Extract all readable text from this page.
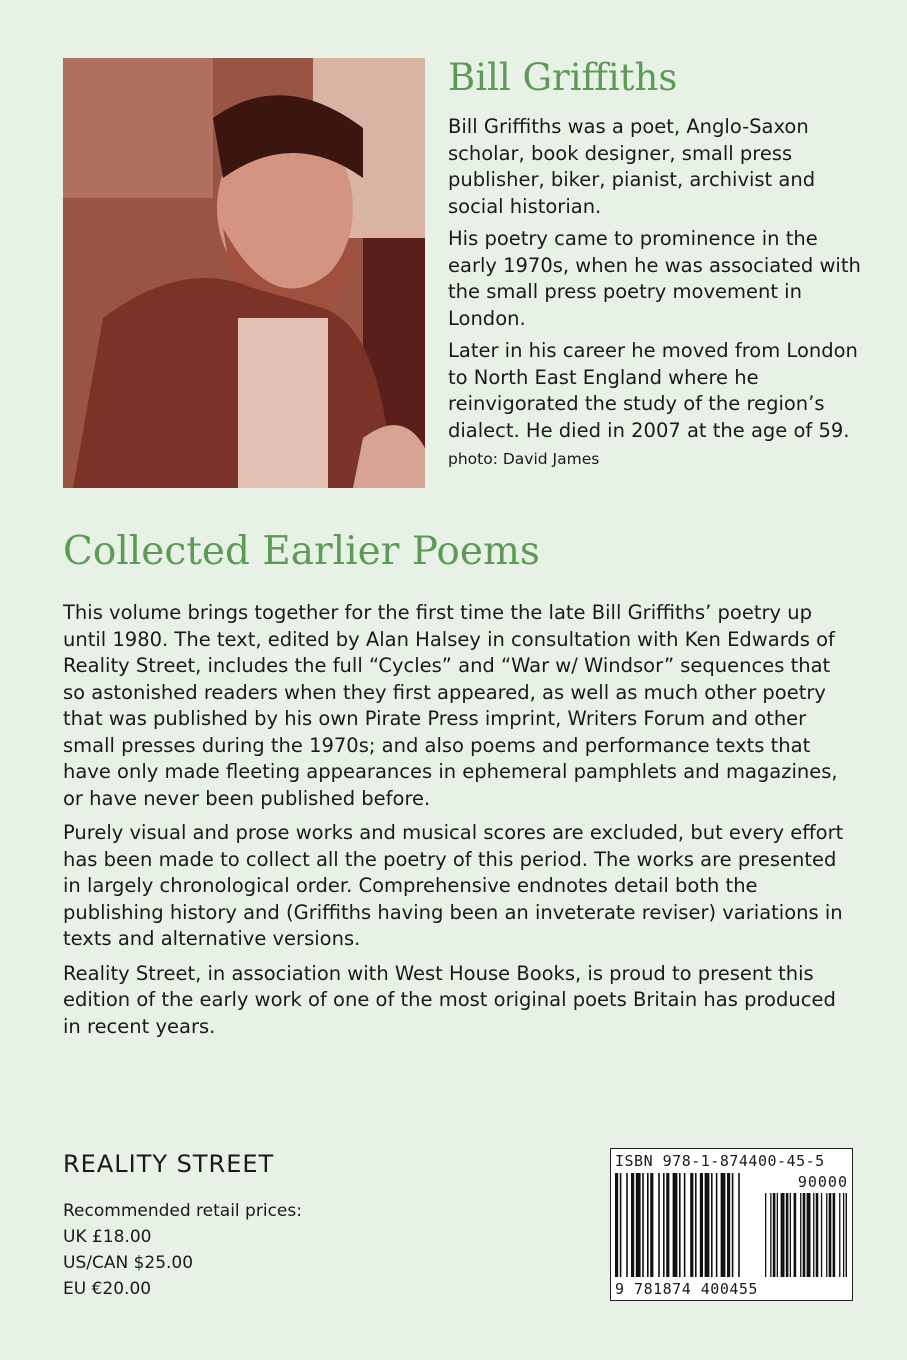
Bill Griffiths

Bill Griffiths was a poet, Anglo-Saxon scholar, book designer, small press publisher, biker, pianist, archivist and social historian.

His poetry came to prominence in the early 1970s, when he was associated with the small press poetry movement in London.

Later in his career he moved from London to North East England where he reinvigorated the study of the region’s dialect. He died in 2007 at the age of 59.

photo: David James
Collected Earlier Poems

This volume brings together for the first time the late Bill Griffiths’ poetry up until 1980. The text, edited by Alan Halsey in consultation with Ken Edwards of Reality Street, includes the full “Cycles” and “War w/ Windsor” sequences that so astonished readers when they first appeared, as well as much other poetry that was published by his own Pirate Press imprint, Writers Forum and other small presses during the 1970s; and also poems and performance texts that have only made fleeting appearances in ephemeral pamphlets and magazines, or have never been published before.

Purely visual and prose works and musical scores are excluded, but every effort has been made to collect all the poetry of this period. The works are presented in largely chronological order. Comprehensive endnotes detail both the publishing history and (Griffiths having been an inveterate reviser) variations in texts and alternative versions.

Reality Street, in association with West House Books, is proud to present this edition of the early work of one of the most original poets Britain has produced in recent years.

REALITY STREET
Recommended retail prices:
UK £18.00
US/CAN $25.00
EU €20.00
ISBN 978-1-874400-45-5
90000
9 781874 400455
